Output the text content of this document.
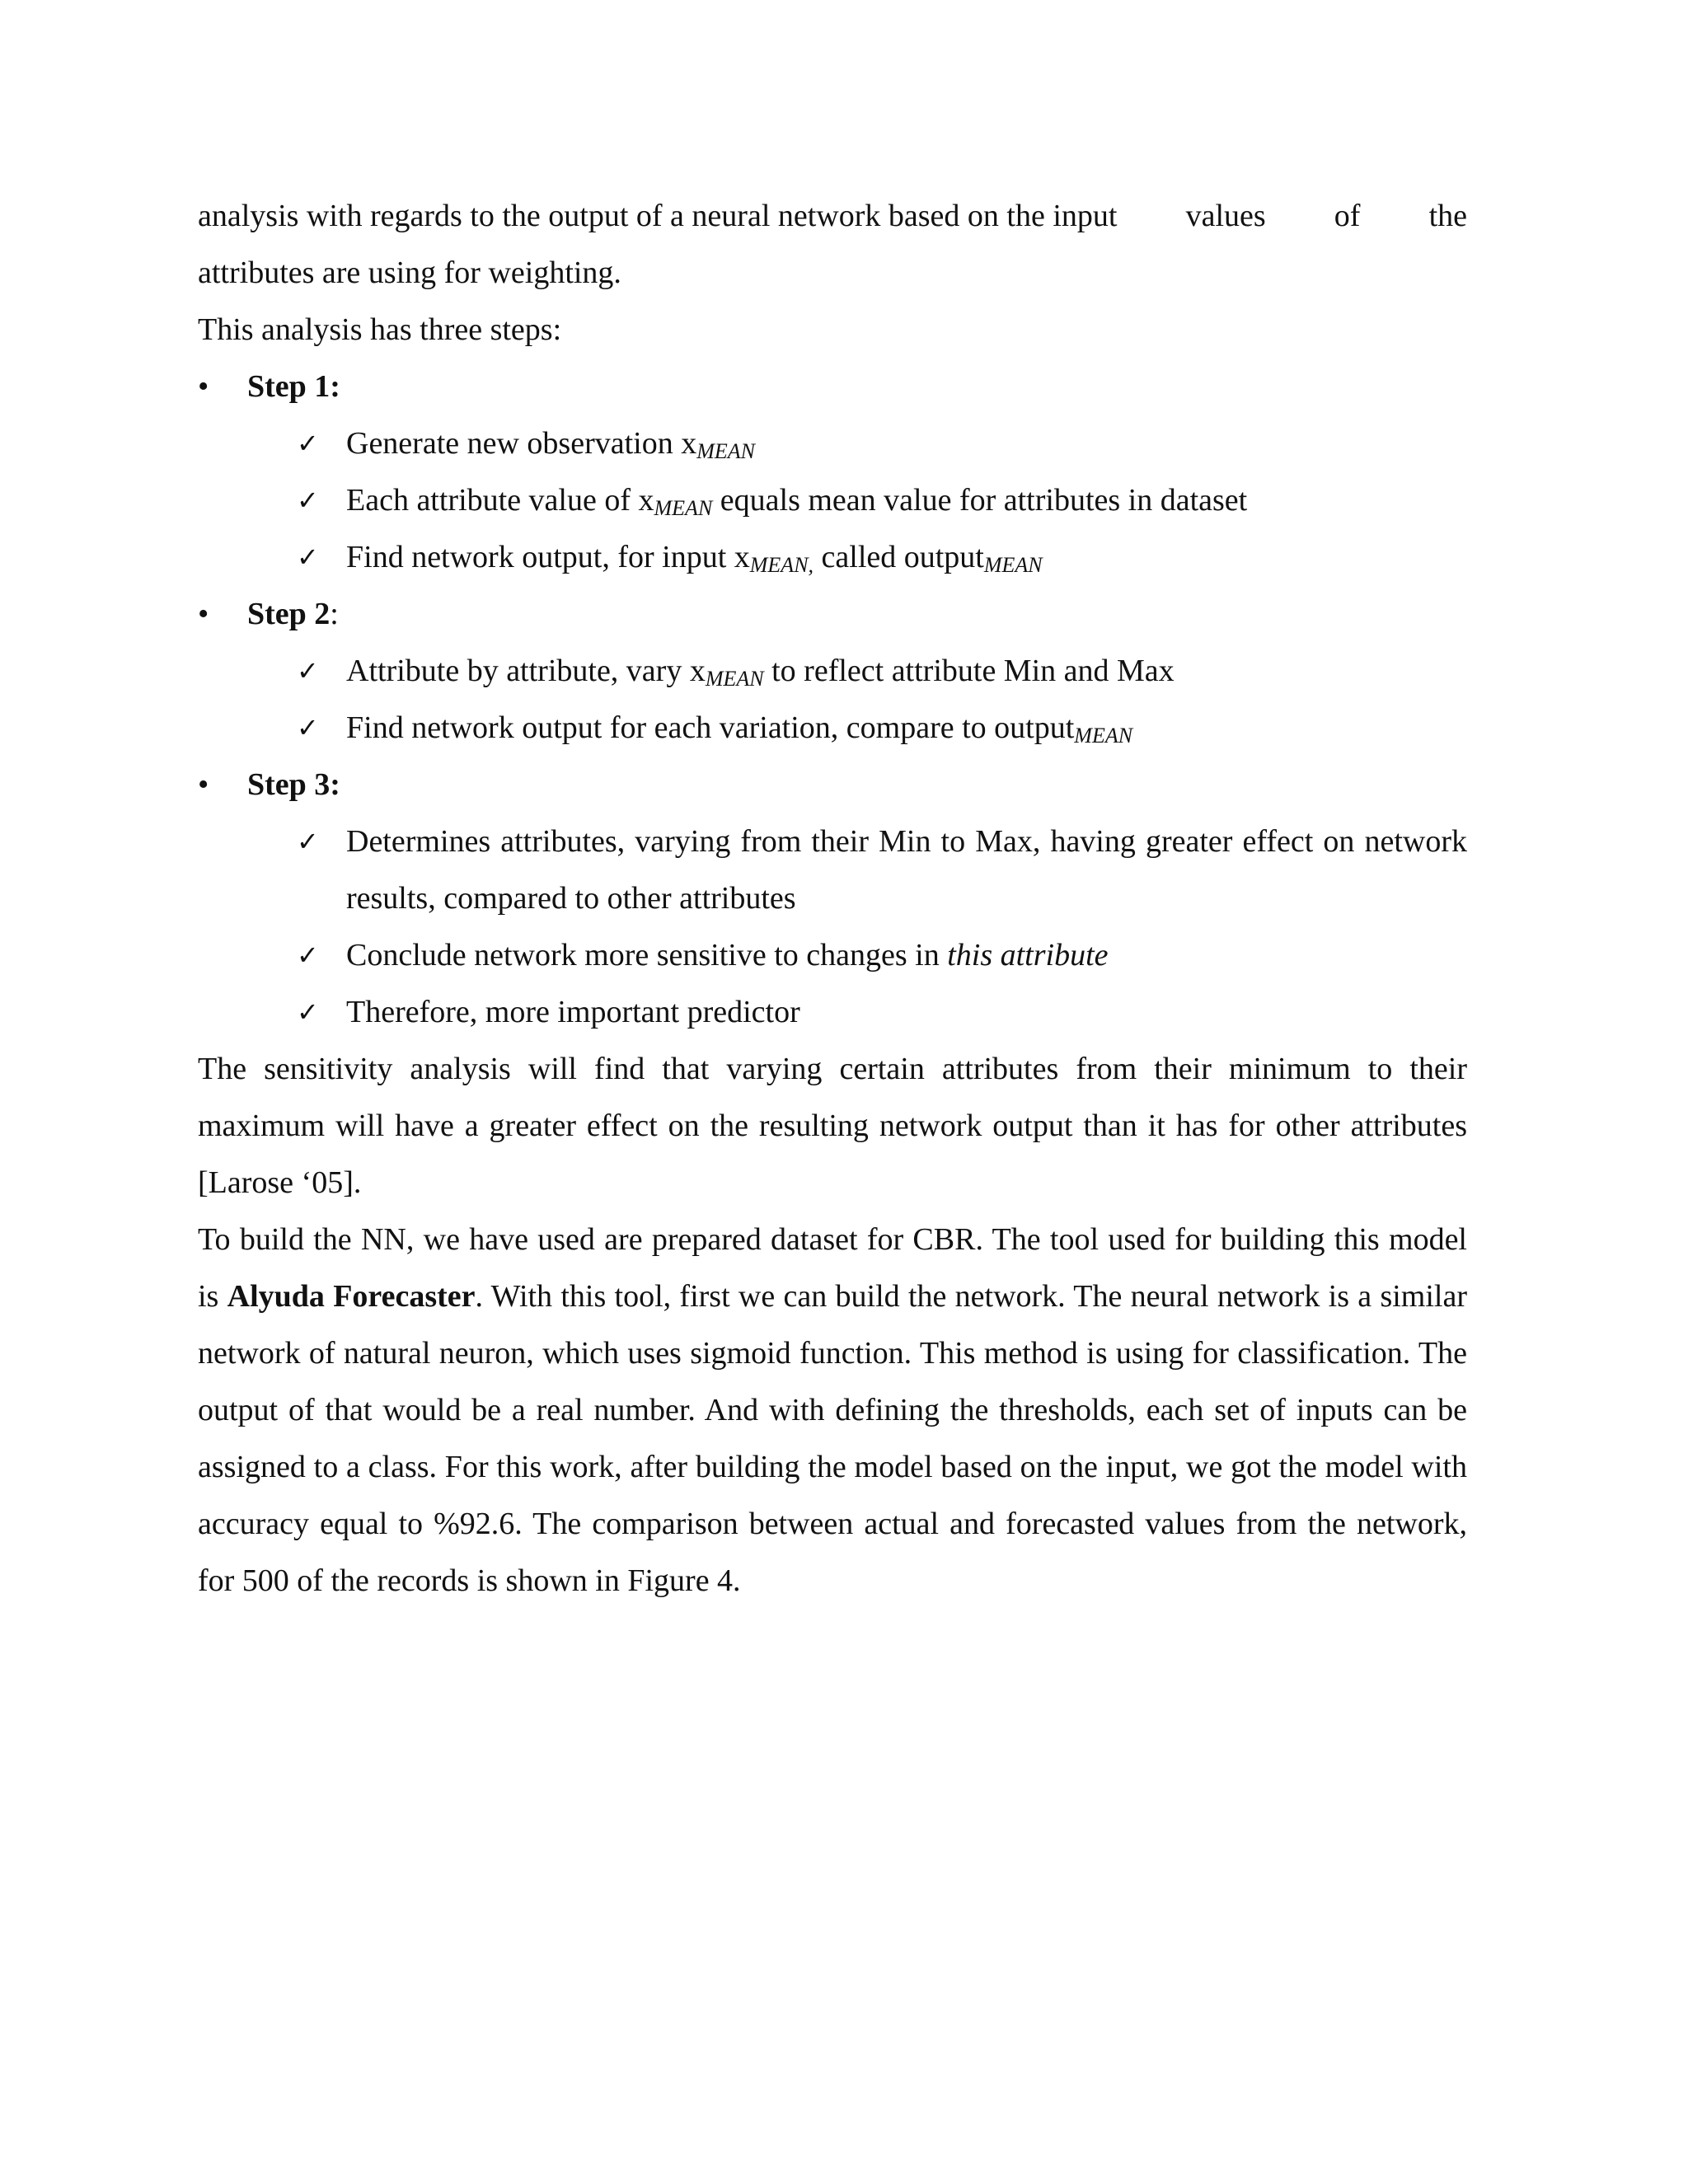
analysis with regards to the output of a neural network based on the input values of the

attributes are using for weighting.

This analysis has three steps:

•	Step 1:

✓ Generate new observation $x_{MEAN}$

✓ Each attribute value of $x_{MEAN}$ equals mean value for attributes in dataset

✓ Find network output, for input $x_{MEAN,}$ called output$_{MEAN}$

•	Step 2:

✓ Attribute by attribute, vary $x_{MEAN}$ to reflect attribute Min and Max

✓ Find network output for each variation, compare to output$_{MEAN}$

•	Step 3:

✓ Determines attributes, varying from their Min to Max, having greater effect on network results, compared to other attributes

✓ Conclude network more sensitive to changes in this attribute

✓ Therefore, more important predictor

The sensitivity analysis will find that varying certain attributes from their minimum to their maximum will have a greater effect on the resulting network output than it has for other attributes [Larose ‘05].

To build the NN, we have used are prepared dataset for CBR. The tool used for building this model is Alyuda Forecaster. With this tool, first we can build the network. The neural network is a similar network of natural neuron, which uses sigmoid function. This method is using for classification. The output of that would be a real number. And with defining the thresholds, each set of inputs can be assigned to a class. For this work, after building the model based on the input, we got the model with accuracy equal to %92.6. The comparison between actual and forecasted values from the network, for 500 of the records is shown in Figure 4.
